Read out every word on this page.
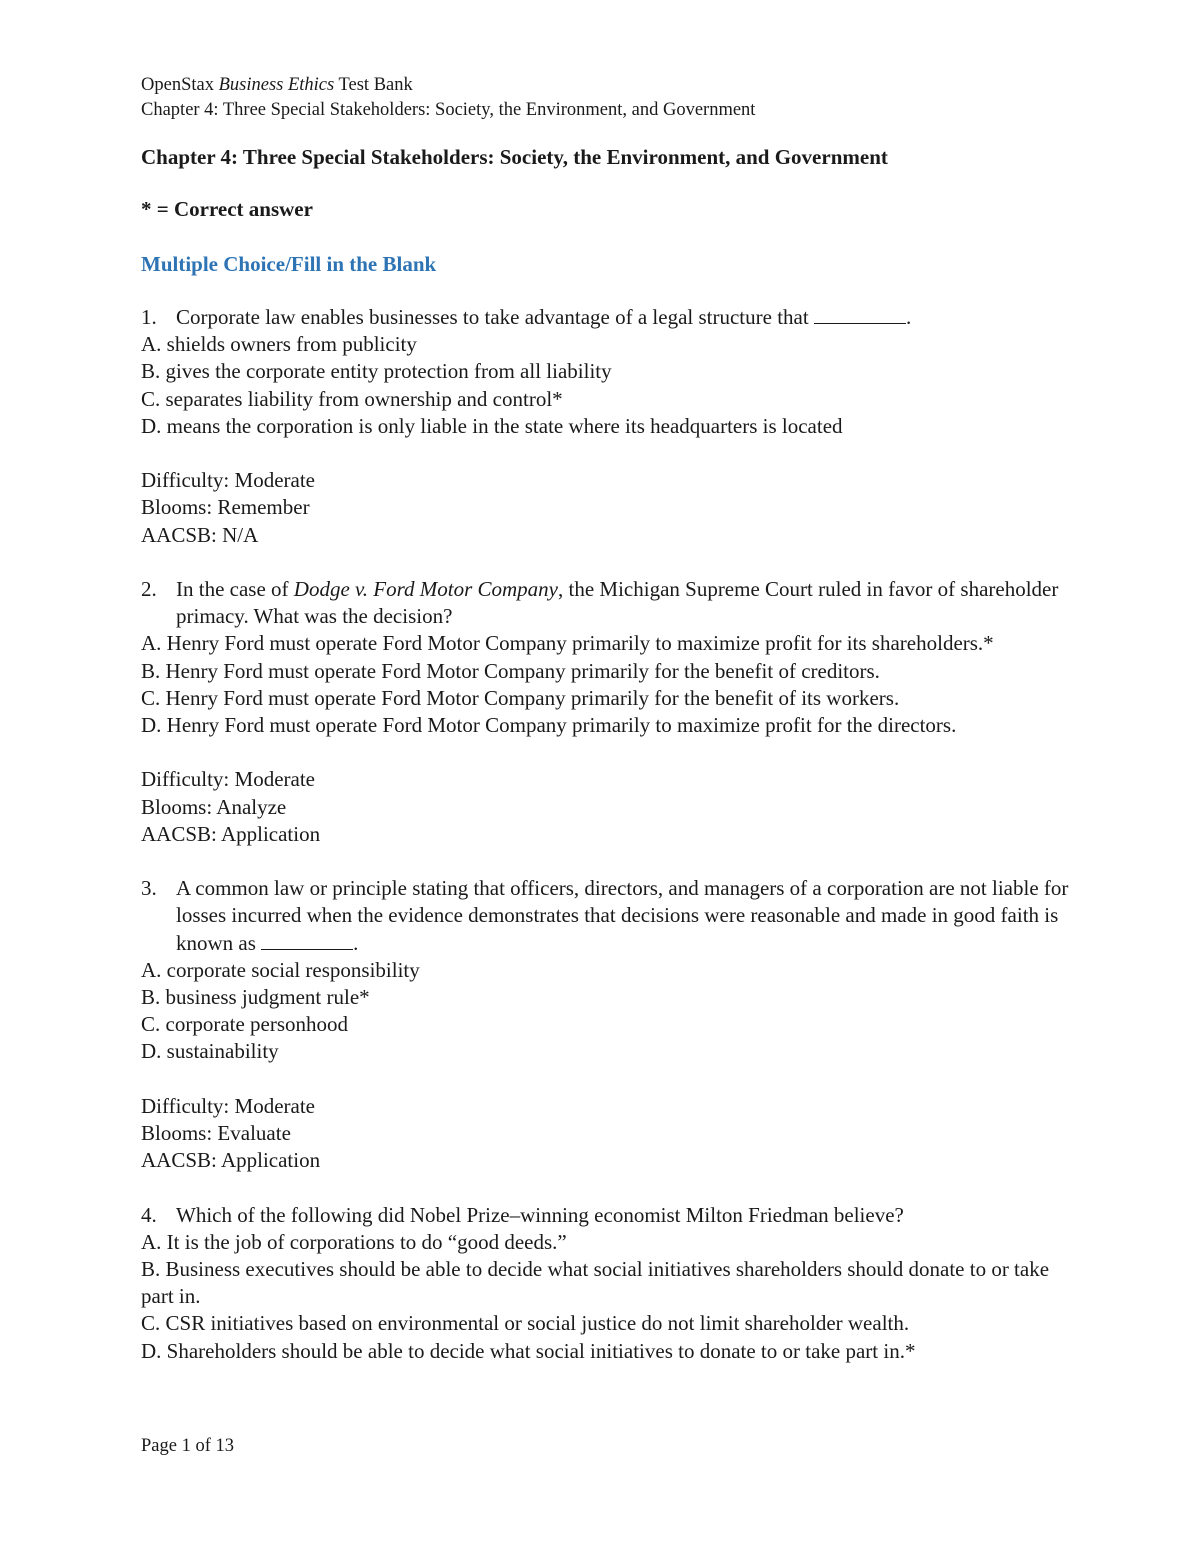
OpenStax Business Ethics Test Bank
Chapter 4: Three Special Stakeholders: Society, the Environment, and Government
Chapter 4: Three Special Stakeholders: Society, the Environment, and Government
* = Correct answer
Multiple Choice/Fill in the Blank
1. Corporate law enables businesses to take advantage of a legal structure that	.
A. shields owners from publicity
B. gives the corporate entity protection from all liability
C. separates liability from ownership and control*
D. means the corporation is only liable in the state where its headquarters is located
Difficulty: Moderate
Blooms: Remember
AACSB: N/A
2. In the case of Dodge v. Ford Motor Company, the Michigan Supreme Court ruled in favor of shareholder primacy. What was the decision?
A. Henry Ford must operate Ford Motor Company primarily to maximize profit for its shareholders.*
B. Henry Ford must operate Ford Motor Company primarily for the benefit of creditors.
C. Henry Ford must operate Ford Motor Company primarily for the benefit of its workers.
D. Henry Ford must operate Ford Motor Company primarily to maximize profit for the directors.
Difficulty: Moderate
Blooms: Analyze
AACSB: Application
3. A common law or principle stating that officers, directors, and managers of a corporation are not liable for losses incurred when the evidence demonstrates that decisions were reasonable and made in good faith is known as	.
A. corporate social responsibility
B. business judgment rule*
C. corporate personhood
D. sustainability
Difficulty: Moderate
Blooms: Evaluate
AACSB: Application
4. Which of the following did Nobel Prize–winning economist Milton Friedman believe?
A. It is the job of corporations to do “good deeds.”
B. Business executives should be able to decide what social initiatives shareholders should donate to or take part in.
C. CSR initiatives based on environmental or social justice do not limit shareholder wealth.
D. Shareholders should be able to decide what social initiatives to donate to or take part in.*
Page 1 of 13
